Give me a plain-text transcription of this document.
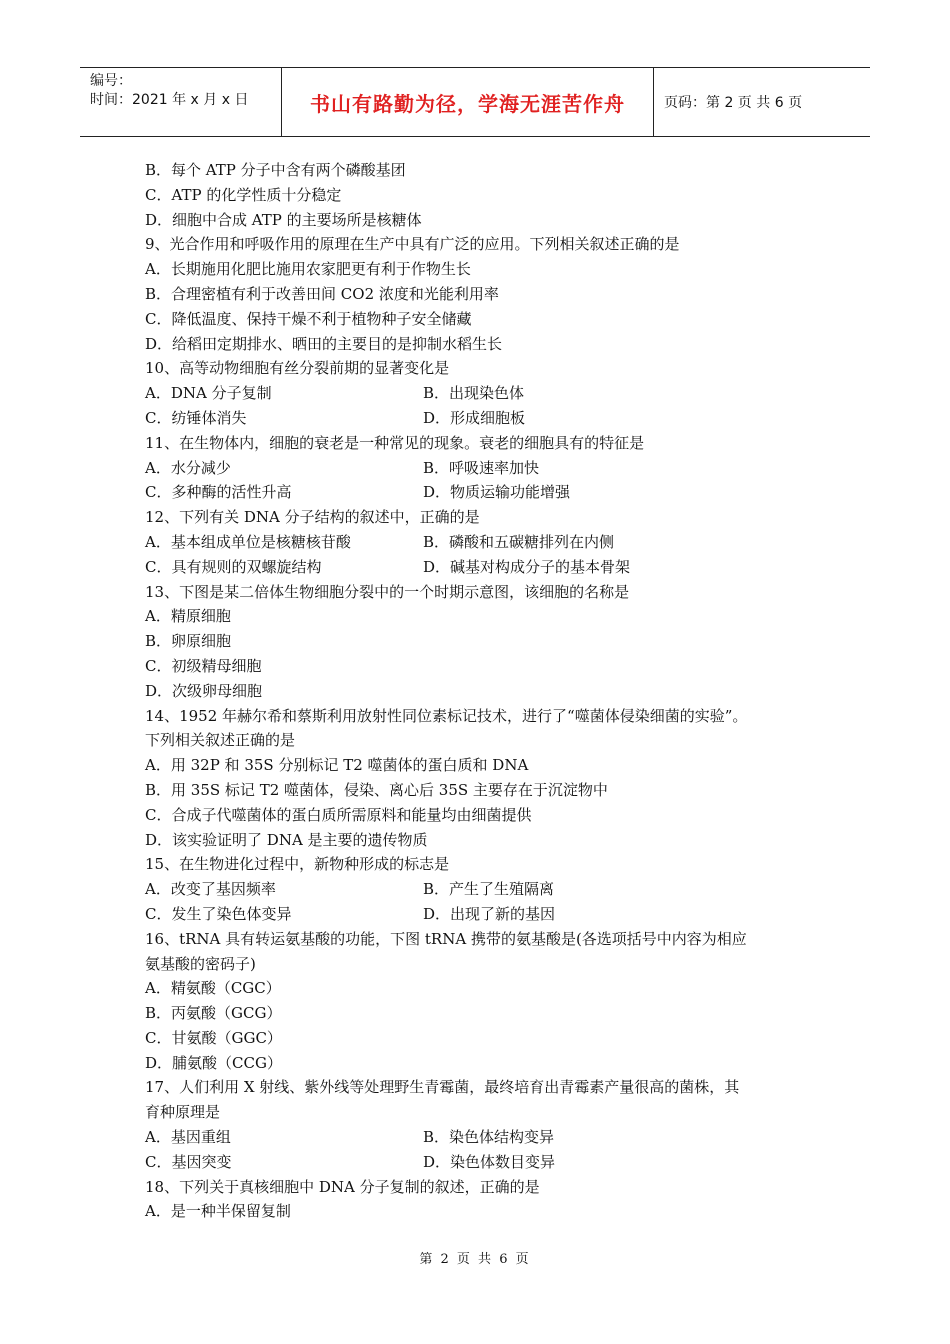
编号：
时间：2021 年 x 月 x 日	书山有路勤为径，学海无涯苦作舟	页码：第 2 页 共 6 页
B．每个 ATP 分子中含有两个磷酸基团
C．ATP 的化学性质十分稳定
D．细胞中合成 ATP 的主要场所是核糖体
9、光合作用和呼吸作用的原理在生产中具有广泛的应用。下列相关叙述正确的是
A．长期施用化肥比施用农家肥更有利于作物生长
B．合理密植有利于改善田间 CO2 浓度和光能利用率
C．降低温度、保持干燥不利于植物种子安全储藏
D．给稻田定期排水、晒田的主要目的是抑制水稻生长
10、高等动物细胞有丝分裂前期的显著变化是
A．DNA 分子复制	B．出现染色体
C．纺锤体消失	D．形成细胞板
11、在生物体内，细胞的衰老是一种常见的现象。衰老的细胞具有的特征是
A．水分减少	B．呼吸速率加快
C．多种酶的活性升高	D．物质运输功能增强
12、下列有关 DNA 分子结构的叙述中，正确的是
A．基本组成单位是核糖核苷酸	B．磷酸和五碳糖排列在内侧
C．具有规则的双螺旋结构	D．碱基对构成分子的基本骨架
13、下图是某二倍体生物细胞分裂中的一个时期示意图，该细胞的名称是
A．精原细胞
B．卵原细胞
C．初级精母细胞
D．次级卵母细胞
14、1952 年赫尔希和蔡斯利用放射性同位素标记技术，进行了“噬菌体侵染细菌的实验”。
下列相关叙述正确的是
A．用 32P 和 35S 分别标记 T2 噬菌体的蛋白质和 DNA
B．用 35S 标记 T2 噬菌体，侵染、离心后 35S 主要存在于沉淀物中
C．合成子代噬菌体的蛋白质所需原料和能量均由细菌提供
D．该实验证明了 DNA 是主要的遗传物质
15、在生物进化过程中，新物种形成的标志是
A．改变了基因频率	B．产生了生殖隔离
C．发生了染色体变异	D．出现了新的基因
16、tRNA 具有转运氨基酸的功能，下图 tRNA 携带的氨基酸是(各选项括号中内容为相应
氨基酸的密码子)
A．精氨酸（CGC）
B．丙氨酸（GCG）
C．甘氨酸（GGC）
D．脯氨酸（CCG）
17、人们利用 X 射线、紫外线等处理野生青霉菌，最终培育出青霉素产量很高的菌株，其
育种原理是
A．基因重组	B．染色体结构变异
C．基因突变	D．染色体数目变异
18、下列关于真核细胞中 DNA 分子复制的叙述，正确的是
A．是一种半保留复制
第 2 页 共 6 页
